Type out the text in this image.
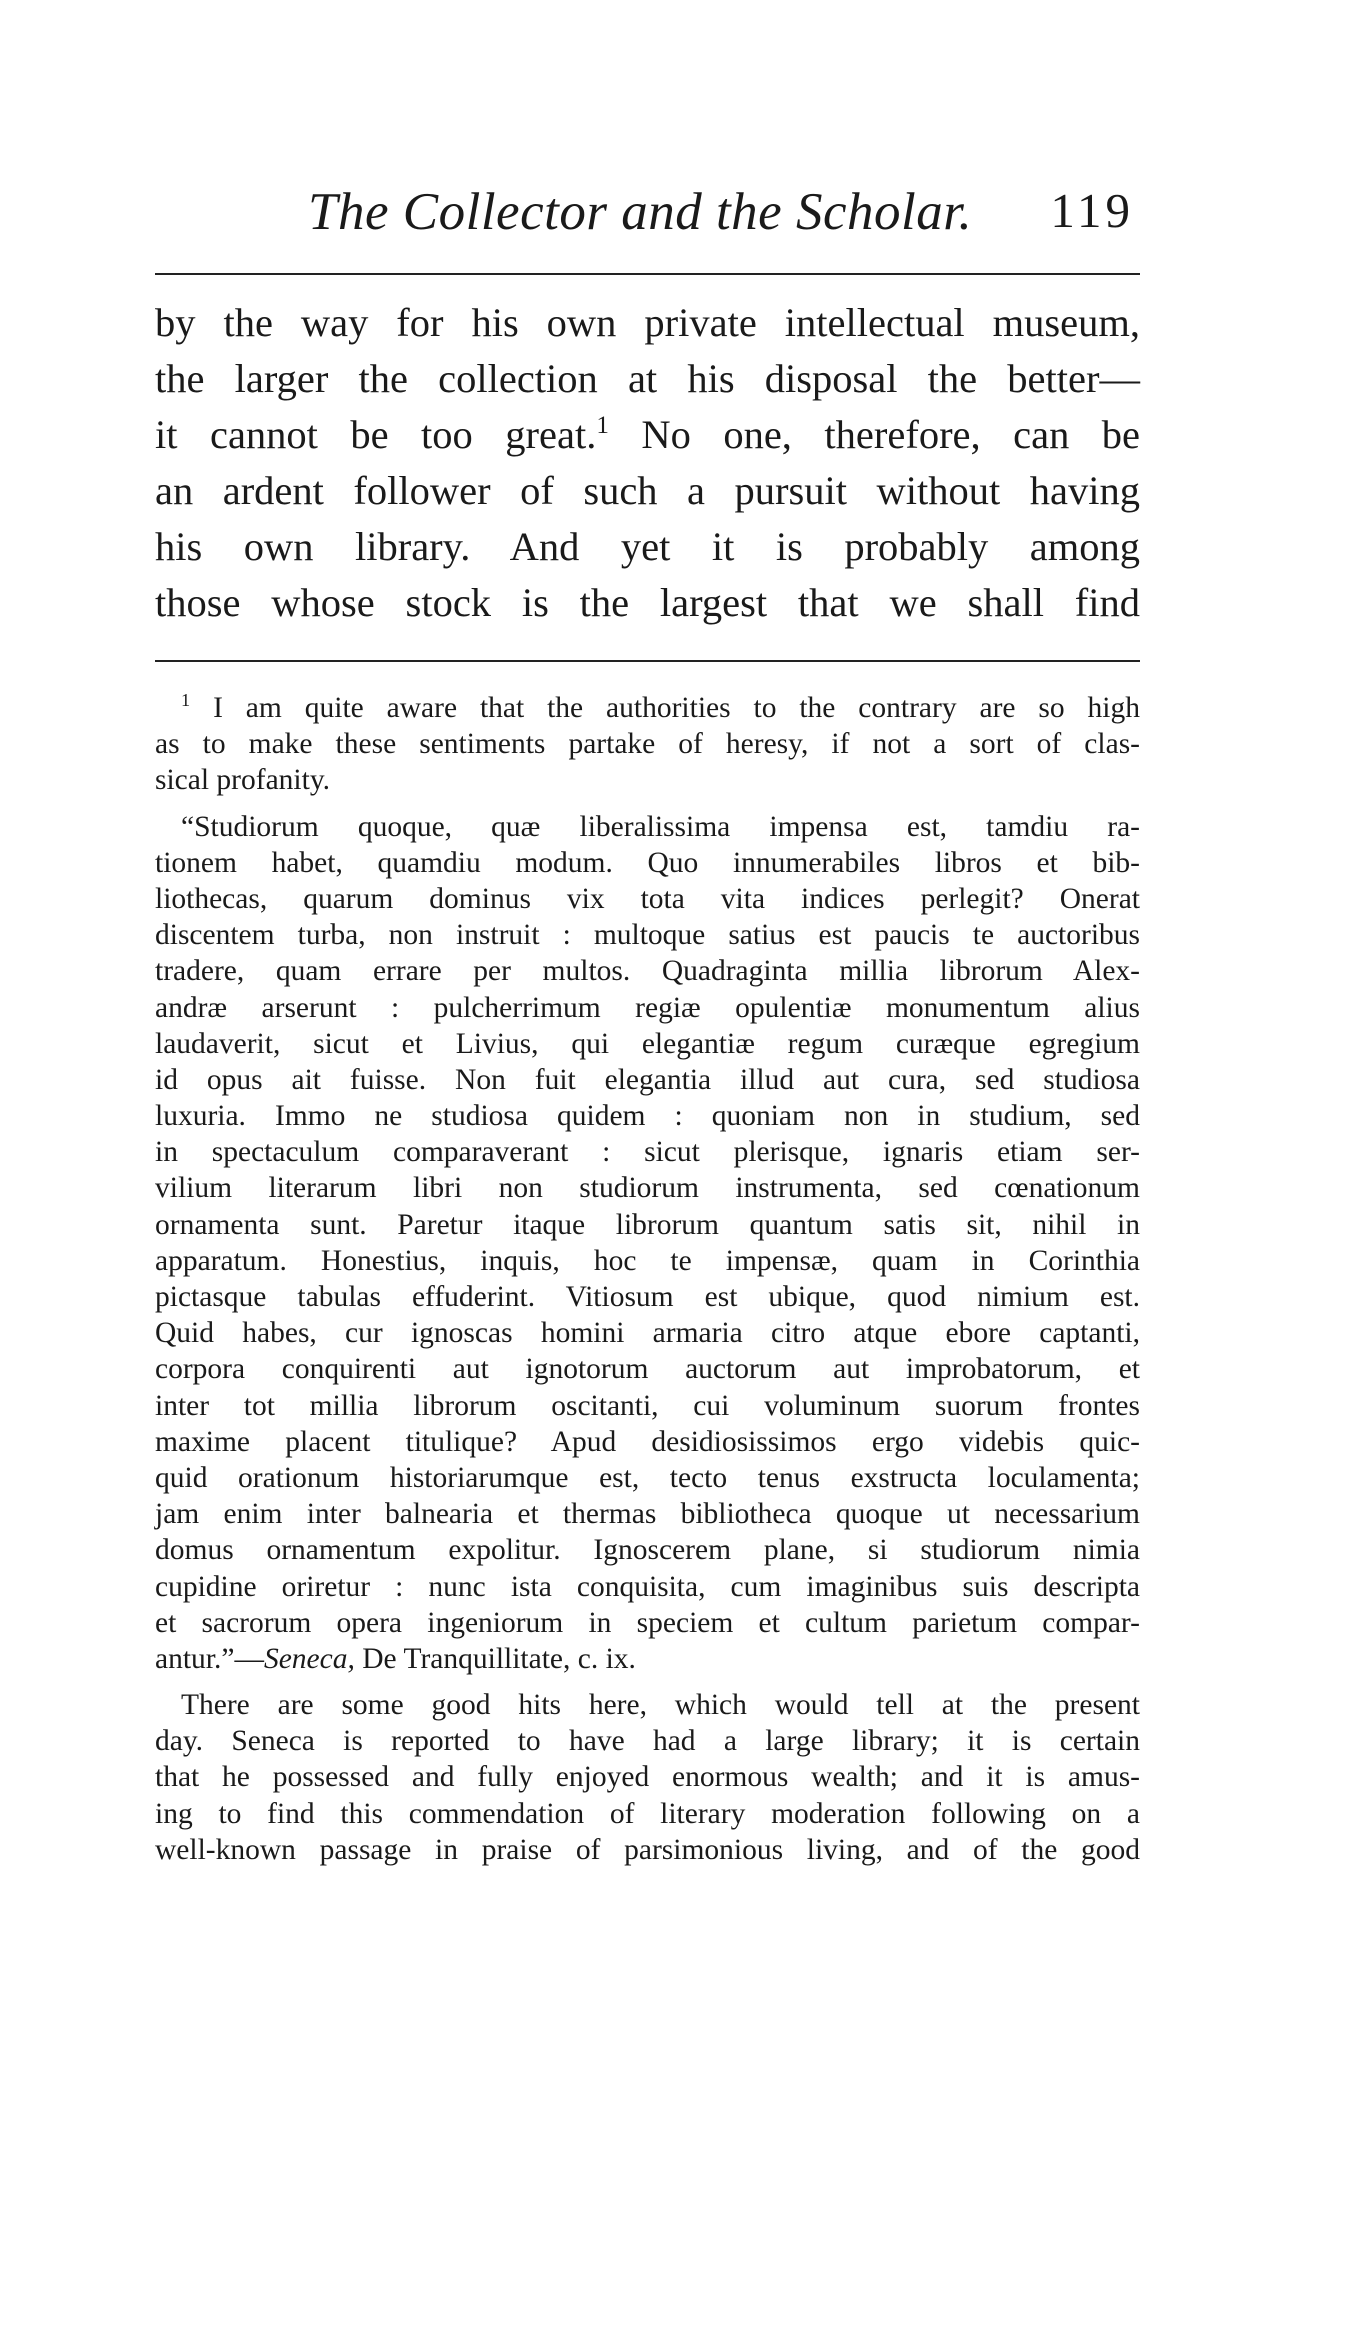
The Collector and the Scholar. 119
by the way for his own private intellectual museum,
the larger the collection at his disposal the better—
it cannot be too great.$^1$ No one, therefore, can be
an ardent follower of such a pursuit without having
his own library. And yet it is probably among
those whose stock is the largest that we shall find
$^1$ I am quite aware that the authorities to the contrary are so high
as to make these sentiments partake of heresy, if not a sort of clas-
sical profanity.
“Studiorum quoque, quæ liberalissima impensa est, tamdiu ra-
tionem habet, quamdiu modum. Quo innumerabiles libros et bib-
liothecas, quarum dominus vix tota vita indices perlegit? Onerat
discentem turba, non instruit : multoque satius est paucis te auctoribus
tradere, quam errare per multos. Quadraginta millia librorum Alex-
andræ arserunt : pulcherrimum regiæ opulentiæ monumentum alius
laudaverit, sicut et Livius, qui elegantiæ regum curæque egregium
id opus ait fuisse. Non fuit elegantia illud aut cura, sed studiosa
luxuria. Immo ne studiosa quidem : quoniam non in studium, sed
in spectaculum comparaverant : sicut plerisque, ignaris etiam ser-
vilium literarum libri non studiorum instrumenta, sed cœnationum
ornamenta sunt. Paretur itaque librorum quantum satis sit, nihil in
apparatum. Honestius, inquis, hoc te impensæ, quam in Corinthia
pictasque tabulas effuderint. Vitiosum est ubique, quod nimium est.
Quid habes, cur ignoscas homini armaria citro atque ebore captanti,
corpora conquirenti aut ignotorum auctorum aut improbatorum, et
inter tot millia librorum oscitanti, cui voluminum suorum frontes
maxime placent titulique? Apud desidiosissimos ergo videbis quic-
quid orationum historiarumque est, tecto tenus exstructa loculamenta;
jam enim inter balnearia et thermas bibliotheca quoque ut necessarium
domus ornamentum expolitur. Ignoscerem plane, si studiorum nimia
cupidine oriretur : nunc ista conquisita, cum imaginibus suis descripta
et sacrorum opera ingeniorum in speciem et cultum parietum compar-
antur.”—Seneca, De Tranquillitate, c. ix.
There are some good hits here, which would tell at the present
day. Seneca is reported to have had a large library; it is certain
that he possessed and fully enjoyed enormous wealth; and it is amus-
ing to find this commendation of literary moderation following on a
well-known passage in praise of parsimonious living, and of the good
